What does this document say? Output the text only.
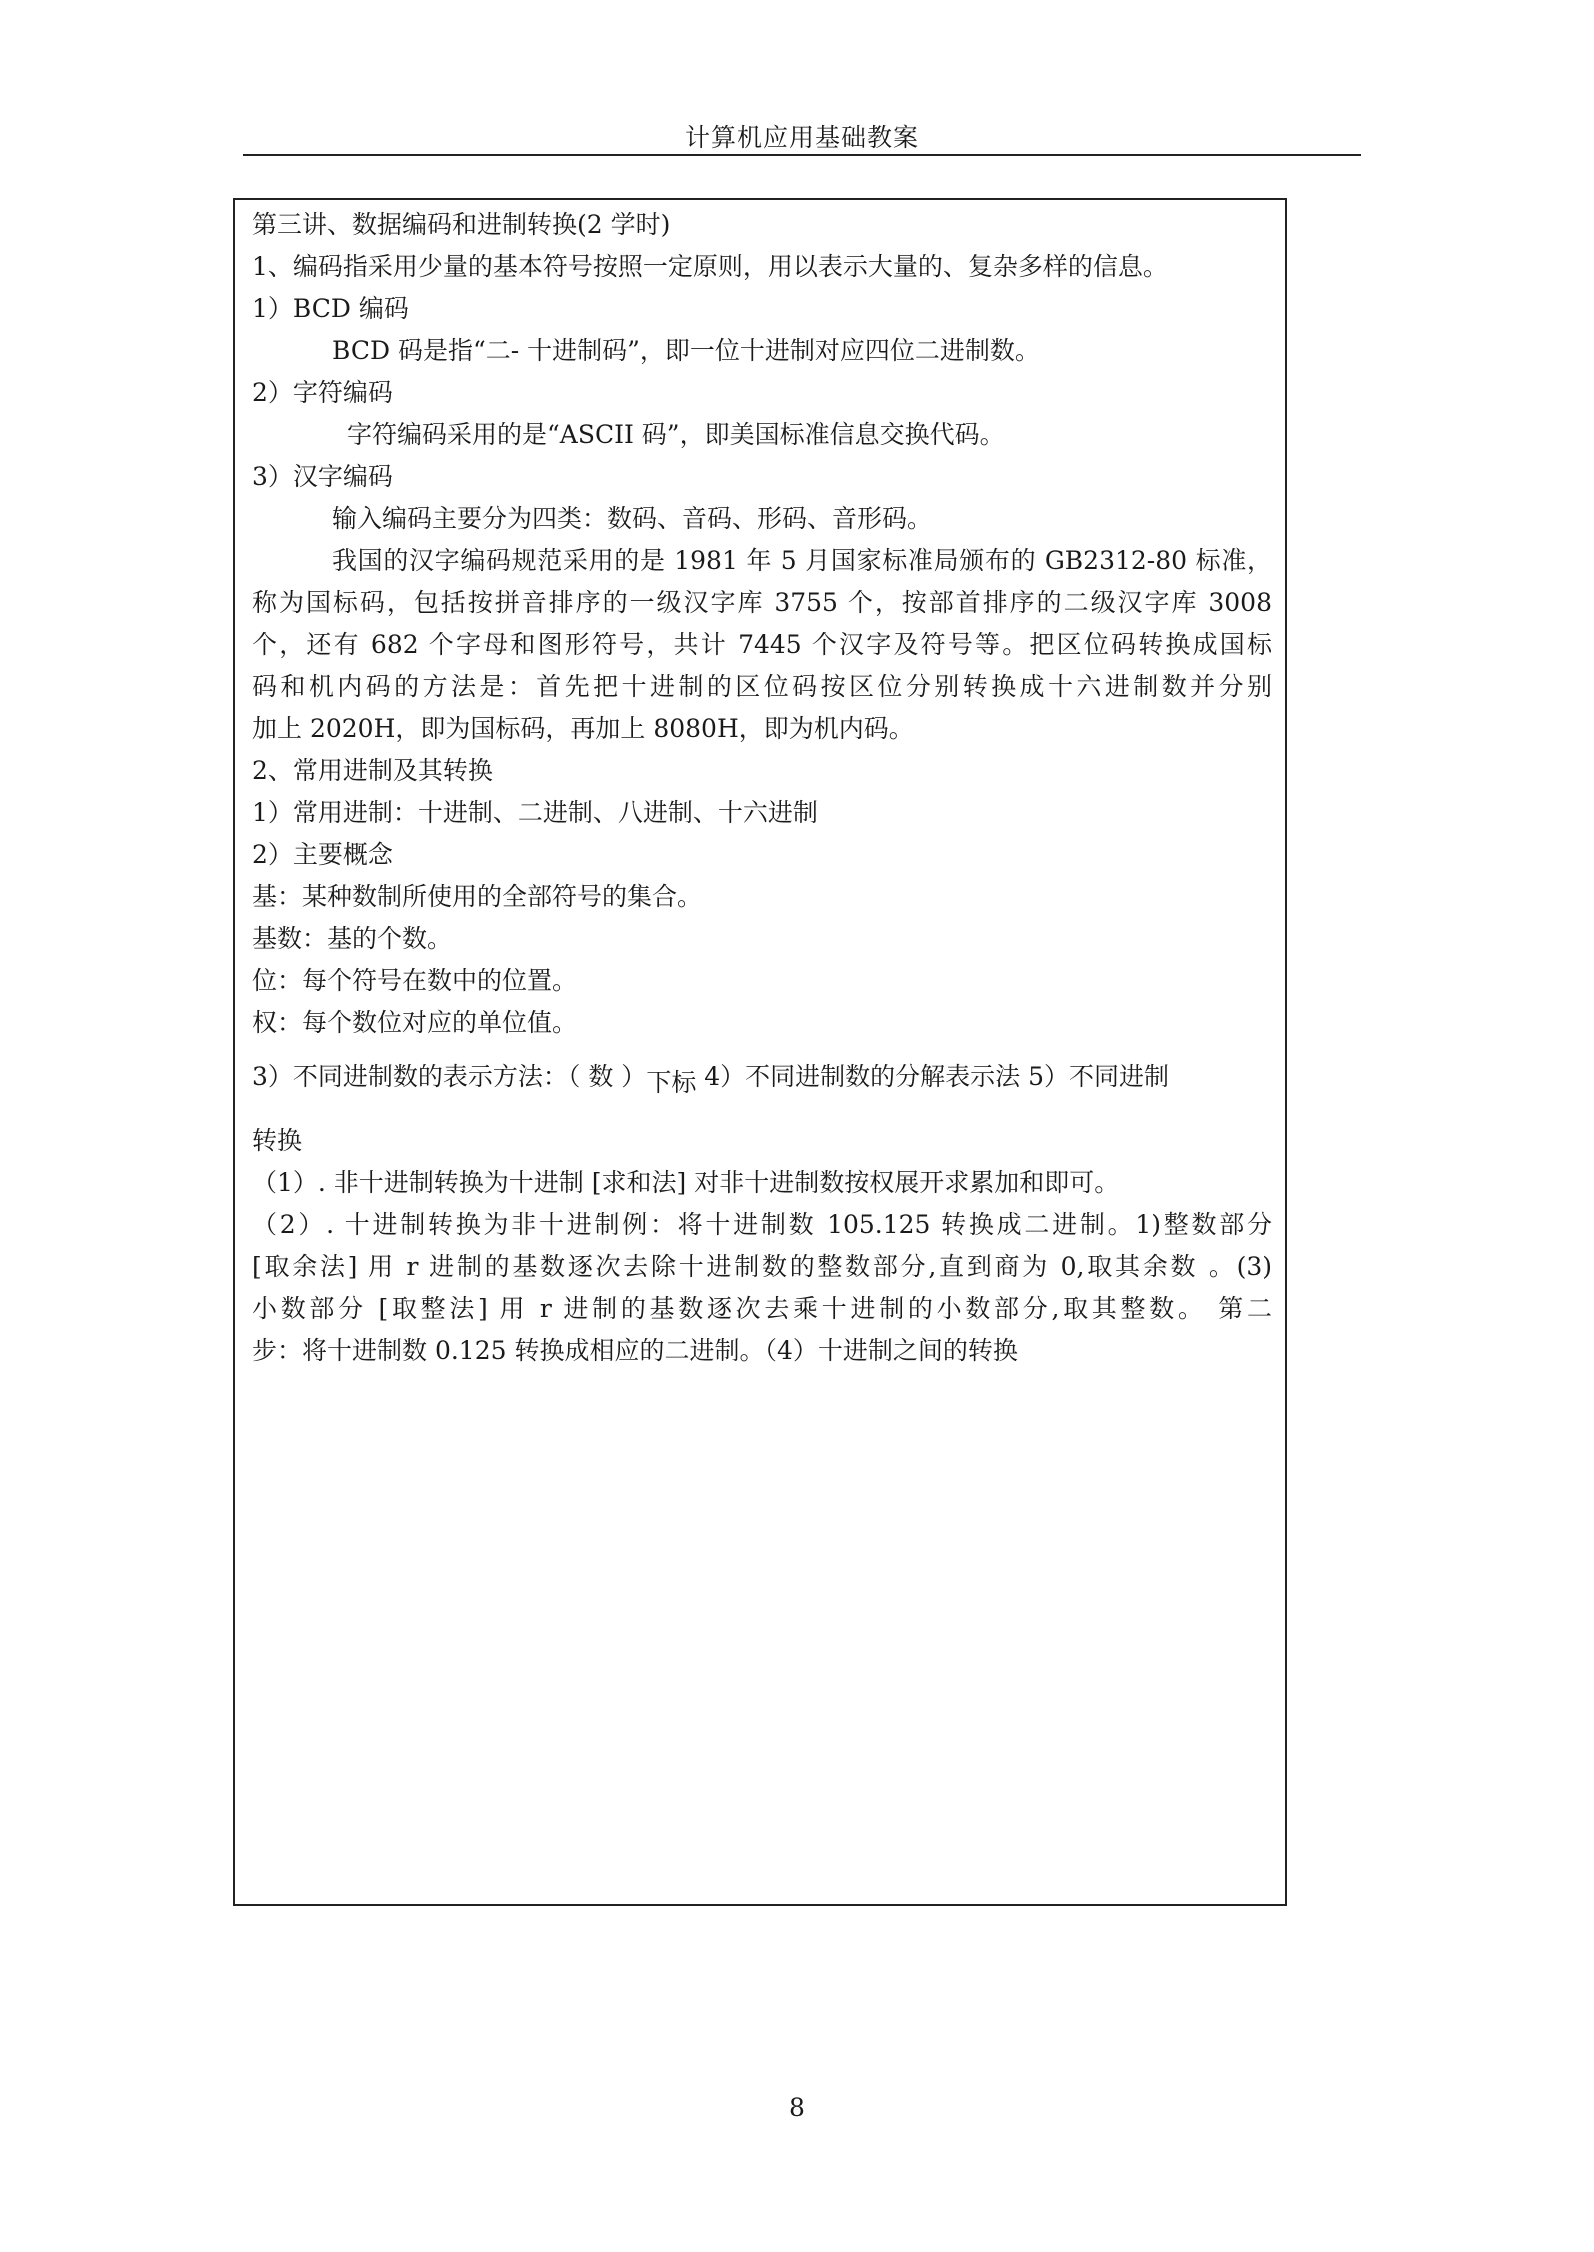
计算机应用基础教案
第三讲、数据编码和进制转换(2 学时)
1、编码指采用少量的基本符号按照一定原则，用以表示大量的、复杂多样的信息。
1）BCD 编码
BCD 码是指“二- 十进制码”，即一位十进制对应四位二进制数。
2）字符编码
字符编码采用的是“ASCII 码”，即美国标准信息交换代码。
3）汉字编码
输入编码主要分为四类：数码、音码、形码、音形码。
我国的汉字编码规范采用的是 1981 年 5 月国家标准局颁布的 GB2312-80 标准，
称为国标码，包括按拼音排序的一级汉字库 3755 个，按部首排序的二级汉字库 3008
个，还有 682 个字母和图形符号，共计 7445 个汉字及符号等。把区位码转换成国标
码和机内码的方法是：首先把十进制的区位码按区位分别转换成十六进制数并分别
加上 2020H，即为国标码，再加上 8080H，即为机内码。
2、常用进制及其转换
1）常用进制：十进制、二进制、八进制、十六进制
2）主要概念
基：某种数制所使用的全部符号的集合。
基数：基的个数。
位：每个符号在数中的位置。
权：每个数位对应的单位值。
3）不同进制数的表示方法：（ 数 ）下标 4）不同进制数的分解表示法 5）不同进制
转换
（1）. 非十进制转换为十进制 [求和法] 对非十进制数按权展开求累加和即可。
（2）. 十进制转换为非十进制例：将十进制数 105.125 转换成二进制。1)整数部分
[取余法] 用 r 进制的基数逐次去除十进制数的整数部分,直到商为 0,取其余数 。(3)
小数部分 [取整法] 用 r 进制的基数逐次去乘十进制的小数部分,取其整数。 第二
步：将十进制数 0.125 转换成相应的二进制。（4）十进制之间的转换
8
